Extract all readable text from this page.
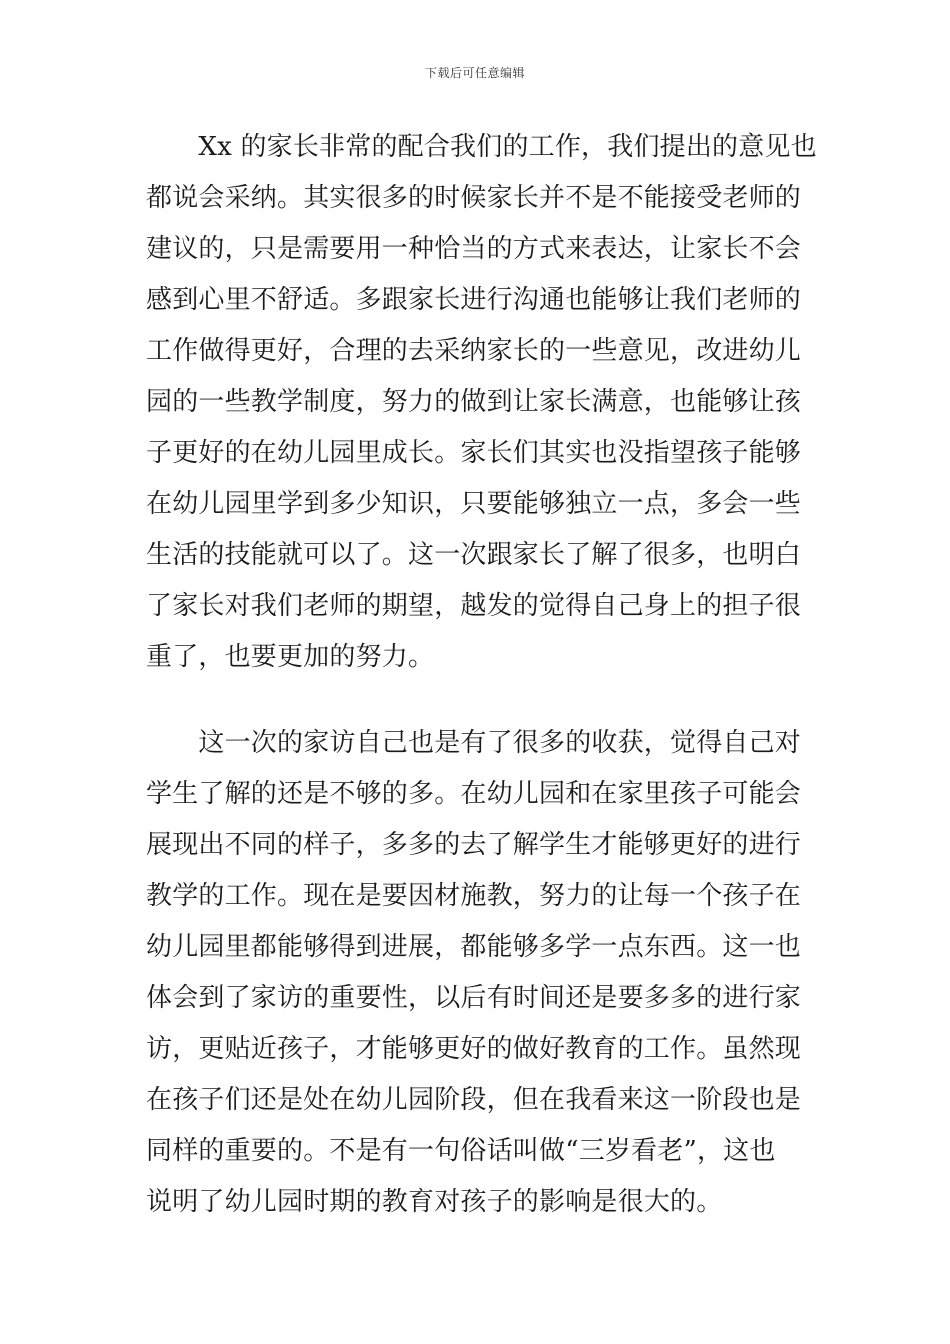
下载后可任意编辑
　　Xx 的家长非常的配合我们的工作，我们提出的意见也
都说会采纳。其实很多的时候家长并不是不能接受老师的
建议的，只是需要用一种恰当的方式来表达，让家长不会
感到心里不舒适。多跟家长进行沟通也能够让我们老师的
工作做得更好，合理的去采纳家长的一些意见，改进幼儿
园的一些教学制度，努力的做到让家长满意，也能够让孩
子更好的在幼儿园里成长。家长们其实也没指望孩子能够
在幼儿园里学到多少知识，只要能够独立一点，多会一些
生活的技能就可以了。这一次跟家长了解了很多，也明白
了家长对我们老师的期望，越发的觉得自己身上的担子很
重了，也要更加的努力。
　　这一次的家访自己也是有了很多的收获，觉得自己对
学生了解的还是不够的多。在幼儿园和在家里孩子可能会
展现出不同的样子，多多的去了解学生才能够更好的进行
教学的工作。现在是要因材施教，努力的让每一个孩子在
幼儿园里都能够得到进展，都能够多学一点东西。这一也
体会到了家访的重要性，以后有时间还是要多多的进行家
访，更贴近孩子，才能够更好的做好教育的工作。虽然现
在孩子们还是处在幼儿园阶段，但在我看来这一阶段也是
同样的重要的。不是有一句俗话叫做“三岁看老”，这也
说明了幼儿园时期的教育对孩子的影响是很大的。
